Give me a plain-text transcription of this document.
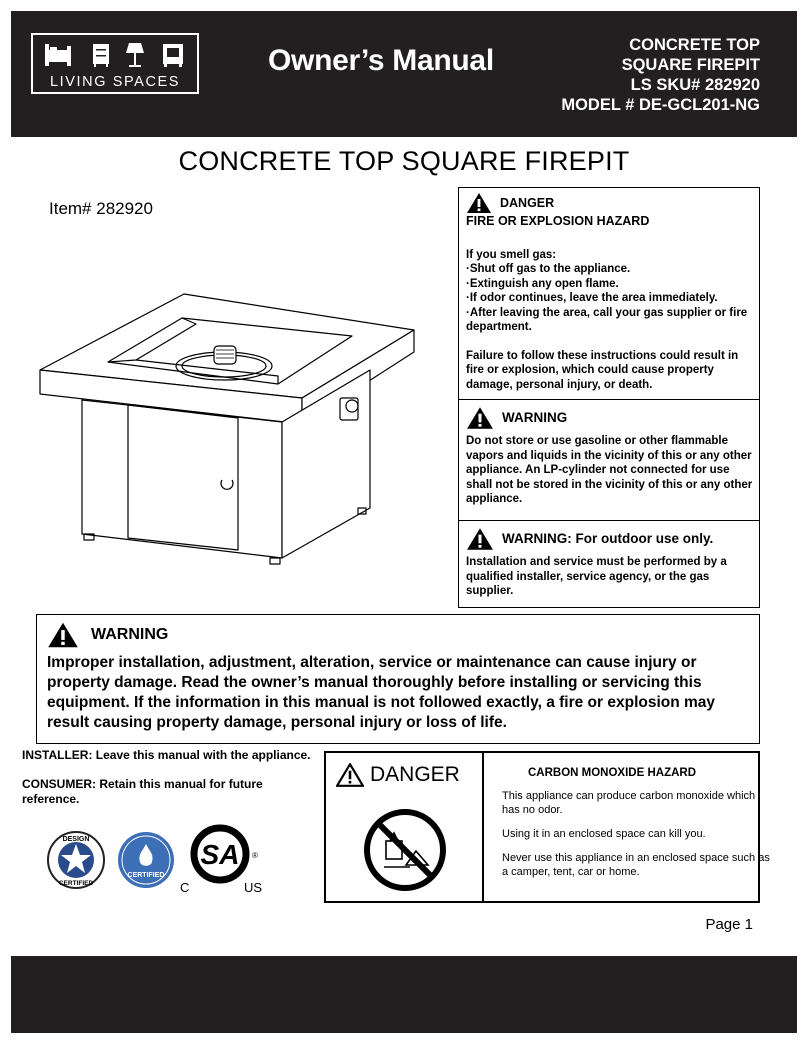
LIVING SPACES
Owner’s Manual	CONCRETE TOP
SQUARE FIREPIT
LS SKU# 282920
MODEL # DE-GCL201-NG
CONCRETE TOP SQUARE FIREPIT
Item# 282920	DANGER
FIRE OR EXPLOSION HAZARD
If you smell gas:
·Shut off gas to the appliance.
·Extinguish any open flame.
·If odor continues, leave the area immediately.
·After leaving the area, call your gas supplier or fire department.
Failure to follow these instructions could result in fire or explosion, which could cause property damage, personal injury, or death.
WARNING
Do not store or use gasoline or other flammable vapors and liquids in the vicinity of this or any other appliance. An LP-cylinder not connected for use shall not be stored in the vicinity of this or any other appliance.
WARNING: For outdoor use only.
Installation and service must be performed by a qualified installer, service agency, or the gas supplier.
WARNING
Improper installation, adjustment, alteration, service or maintenance can cause injury or property damage. Read the owner’s manual thoroughly before installing or servicing this equipment. If the information in this manual is not followed exactly, a fire or explosion may result causing property damage, personal injury or loss of life.

INSTALLER: Leave this manual with the appliance.

CONSUMER: Retain this manual for future reference.

DESIGN
CERTIFIED
CERTIFIED
SA ®
C	US
DANGER	CARBON MONOXIDE HAZARD

This appliance can produce carbon monoxide which has no odor.

Using it in an enclosed space can kill you.

Never use this appliance in an enclosed space such as a camper, tent, car or home.

Page 1
